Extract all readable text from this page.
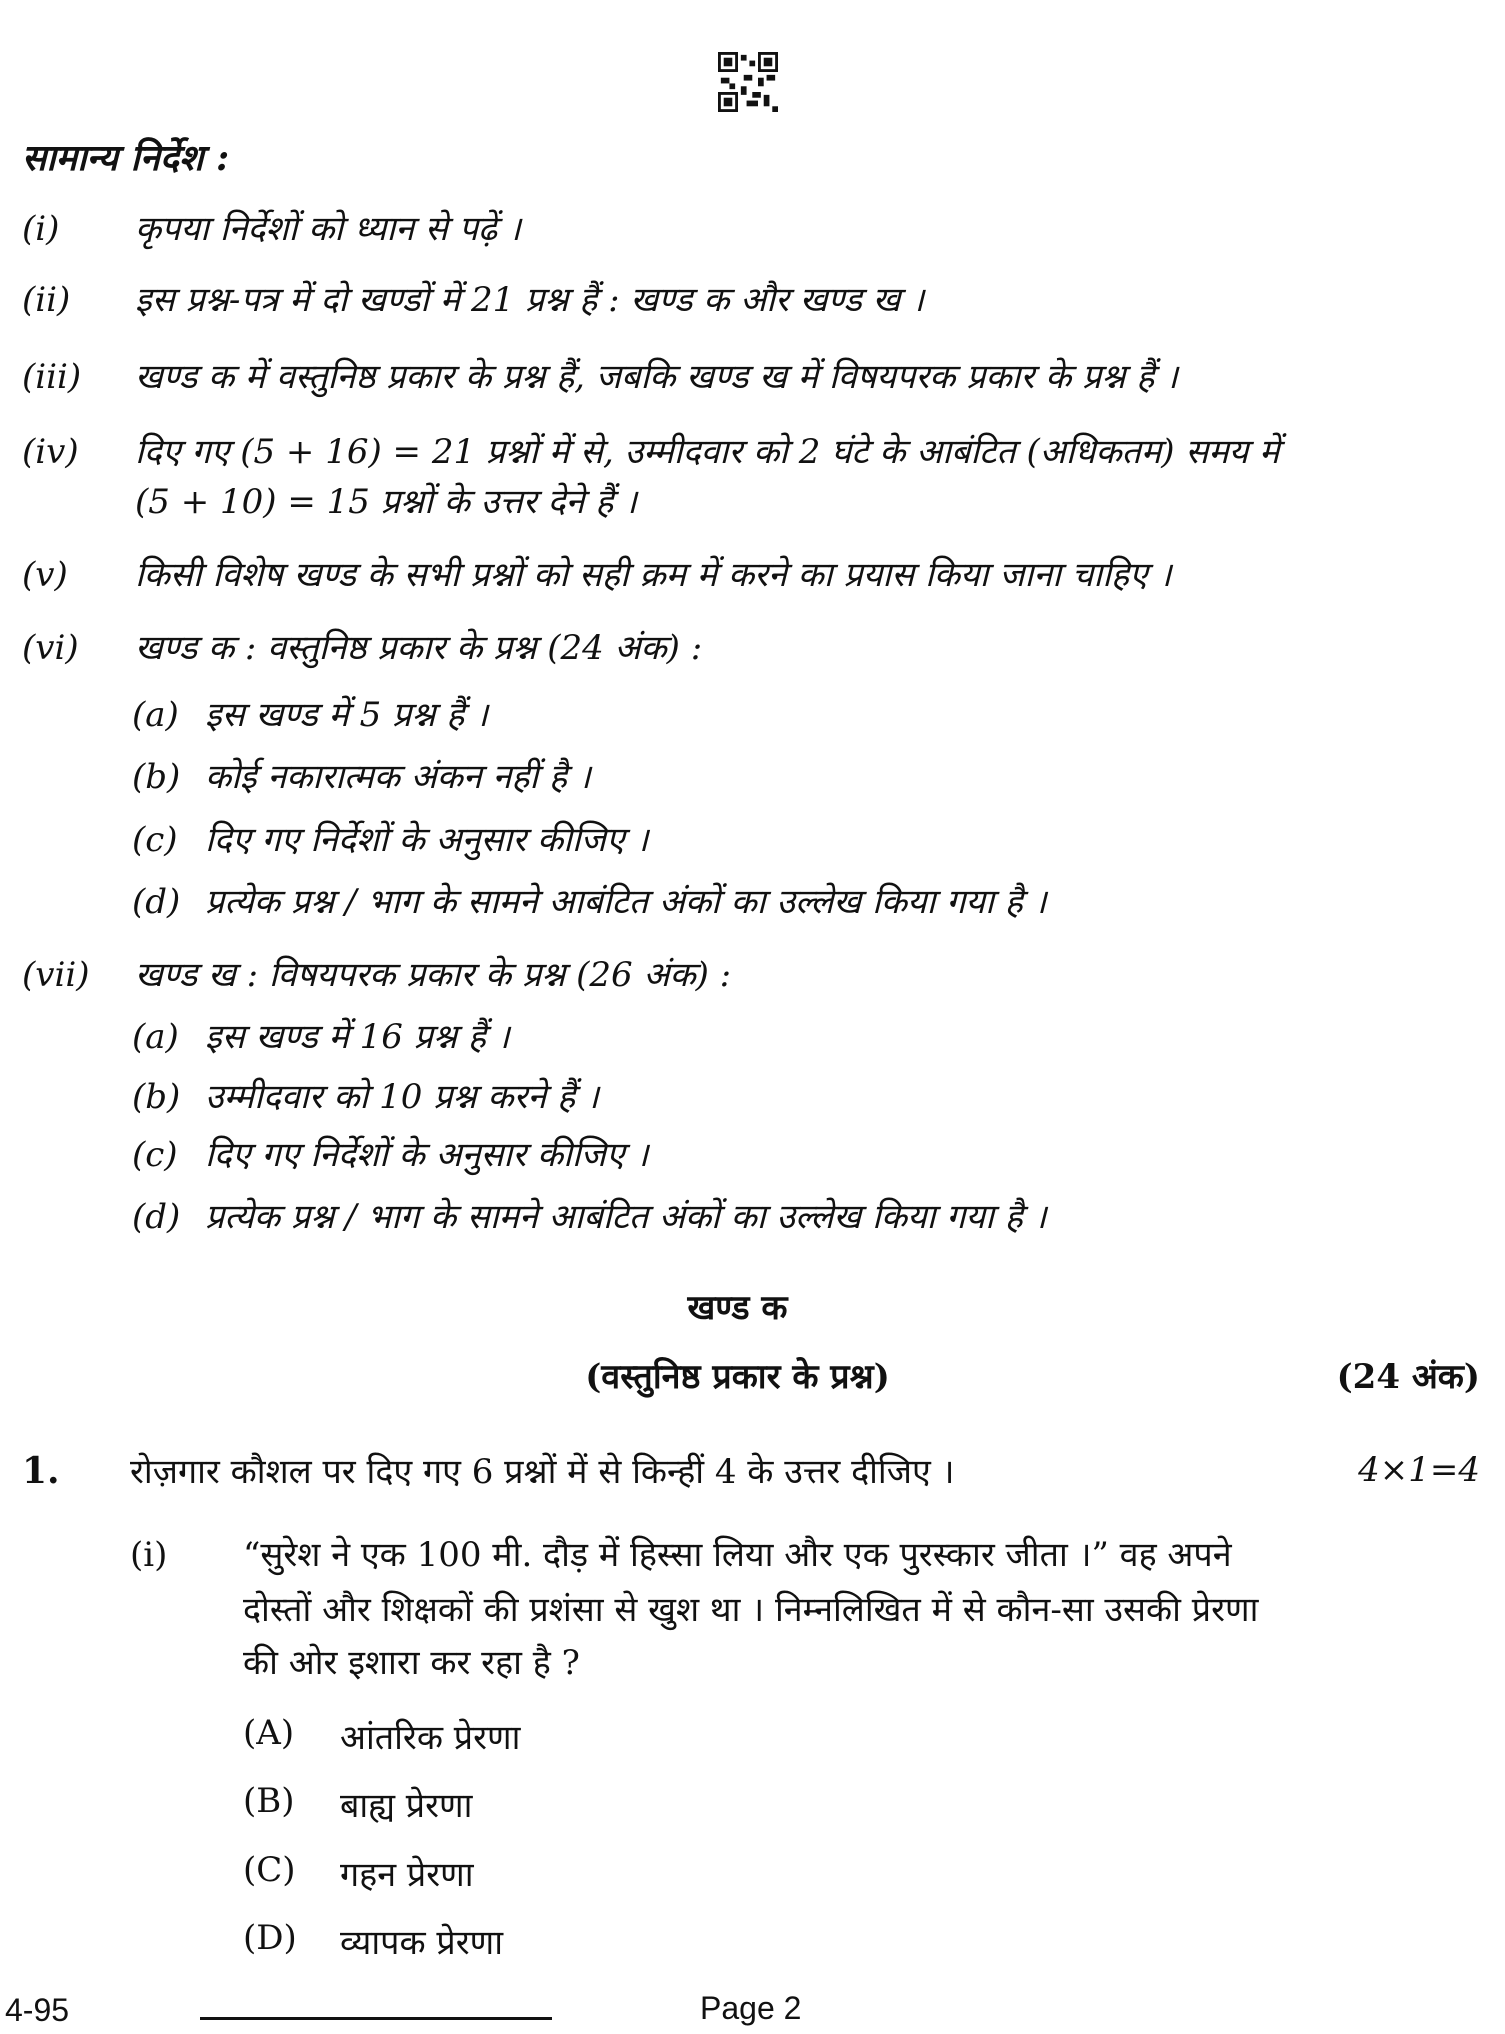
सामान्य निर्देश :
(i) कृपया निर्देशों को ध्यान से पढ़ें ।
(ii) इस प्रश्न-पत्र में दो खण्डों में 21 प्रश्न हैं : खण्ड क और खण्ड ख ।
(iii) खण्ड क में वस्तुनिष्ठ प्रकार के प्रश्न हैं, जबकि खण्ड ख में विषयपरक प्रकार के प्रश्न हैं ।
(iv) दिए गए (5 + 16) = 21 प्रश्नों में से, उम्मीदवार को 2 घंटे के आबंटित (अधिकतम) समय में
(5 + 10) = 15 प्रश्नों के उत्तर देने हैं ।
(v) किसी विशेष खण्ड के सभी प्रश्नों को सही क्रम में करने का प्रयास किया जाना चाहिए ।
(vi) खण्ड क : वस्तुनिष्ठ प्रकार के प्रश्न (24 अंक) :
(a) इस खण्ड में 5 प्रश्न हैं ।
(b) कोई नकारात्मक अंकन नहीं है ।
(c) दिए गए निर्देशों के अनुसार कीजिए ।
(d) प्रत्येक प्रश्न / भाग के सामने आबंटित अंकों का उल्लेख किया गया है ।
(vii) खण्ड ख : विषयपरक प्रकार के प्रश्न (26 अंक) :
(a) इस खण्ड में 16 प्रश्न हैं ।
(b) उम्मीदवार को 10 प्रश्न करने हैं ।
(c) दिए गए निर्देशों के अनुसार कीजिए ।
(d) प्रत्येक प्रश्न / भाग के सामने आबंटित अंकों का उल्लेख किया गया है ।
खण्ड क
(वस्तुनिष्ठ प्रकार के प्रश्न)	(24 अंक)
1. रोज़गार कौशल पर दिए गए 6 प्रश्नों में से किन्हीं 4 के उत्तर दीजिए ।	4×1=4
(i) “सुरेश ने एक 100 मी. दौड़ में हिस्सा लिया और एक पुरस्कार जीता ।” वह अपने
दोस्तों और शिक्षकों की प्रशंसा से खुश था । निम्नलिखित में से कौन-सा उसकी प्रेरणा
की ओर इशारा कर रहा है ?
(A) आंतरिक प्रेरणा
(B) बाह्य प्रेरणा
(C) गहन प्रेरणा
(D) व्यापक प्रेरणा
4-95	Page 2
